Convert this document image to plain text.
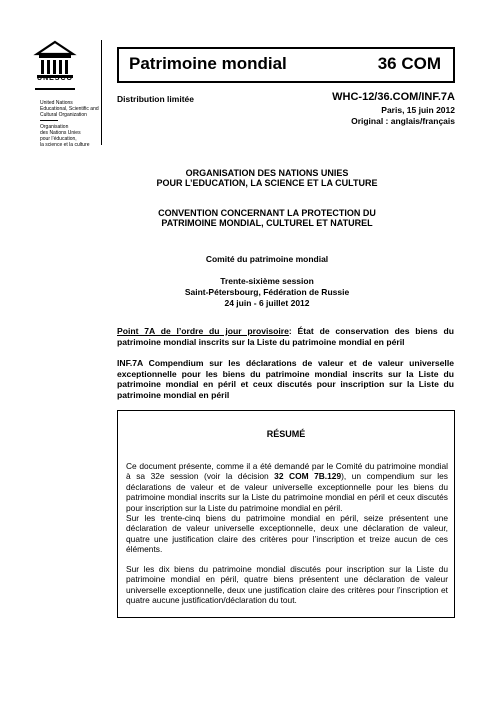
UNESCO
United Nations
Educational, Scientific and
Cultural Organization
Organisation
des Nations Unies
pour l’éducation,
la science et la culture
Patrimoine mondial	36 COM
Distribution limitée	WHC-12/36.COM/INF.7A
Paris, 15 juin 2012
Original : anglais/français
ORGANISATION DES NATIONS UNIES
POUR L’EDUCATION, LA SCIENCE ET LA CULTURE
CONVENTION CONCERNANT LA PROTECTION DU
PATRIMOINE MONDIAL, CULTUREL ET NATUREL
Comité du patrimoine mondial
Trente-sixième session
Saint-Pétersbourg, Fédération de Russie
24 juin - 6 juillet 2012
Point 7A de l’ordre du jour provisoire: État de conservation des biens du patrimoine mondial inscrits sur la Liste du patrimoine mondial en péril
INF.7A Compendium sur les déclarations de valeur et de valeur universelle exceptionnelle pour les biens du patrimoine mondial inscrits sur la Liste du patrimoine mondial en péril et ceux discutés pour inscription sur la Liste du patrimoine mondial en péril
RÉSUMÉ
Ce document présente, comme il a été demandé par le Comité du patrimoine mondial à sa 32e session (voir la décision 32 COM 7B.129), un compendium sur les déclarations de valeur et de valeur universelle exceptionnelle pour les biens du patrimoine mondial inscrits sur la Liste du patrimoine mondial en péril et ceux discutés pour inscription sur la Liste du patrimoine mondial en péril.
Sur les trente-cinq biens du patrimoine mondial en péril, seize présentent une déclaration de valeur universelle exceptionnelle, deux une déclaration de valeur, quatre une justification claire des critères pour l’inscription et treize aucun de ces éléments.
Sur les dix biens du patrimoine mondial discutés pour inscription sur la Liste du patrimoine mondial en péril, quatre biens présentent une déclaration de valeur universelle exceptionnelle, deux une justification claire des critères pour l’inscription et quatre aucune justification/déclaration du tout.
